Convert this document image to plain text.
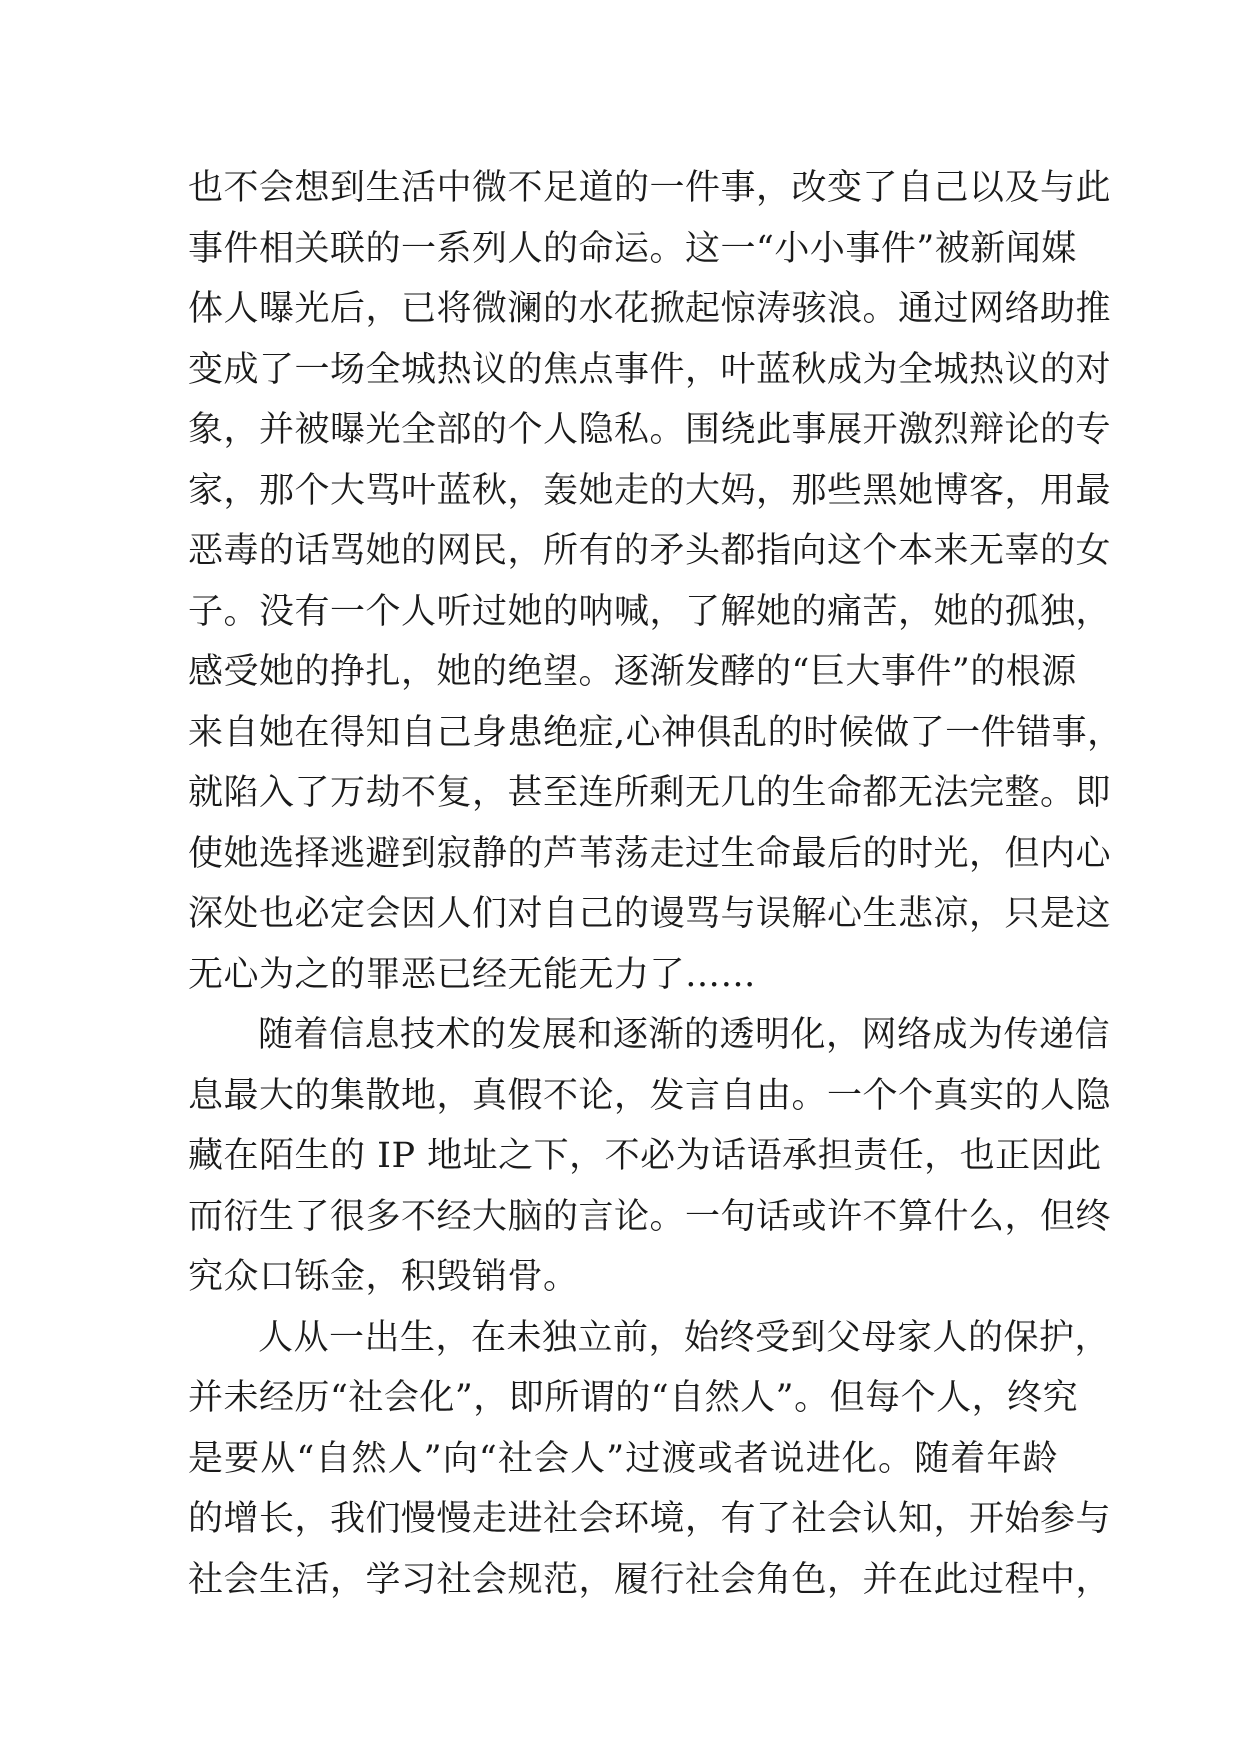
也不会想到生活中微不足道的一件事，改变了自己以及与此
事件相关联的一系列人的命运。这一“小小事件”被新闻媒
体人曝光后，已将微澜的水花掀起惊涛骇浪。通过网络助推
变成了一场全城热议的焦点事件，叶蓝秋成为全城热议的对
象，并被曝光全部的个人隐私。围绕此事展开激烈辩论的专
家，那个大骂叶蓝秋，轰她走的大妈，那些黑她博客，用最
恶毒的话骂她的网民，所有的矛头都指向这个本来无辜的女
子。没有一个人听过她的呐喊，了解她的痛苦，她的孤独，
感受她的挣扎，她的绝望。逐渐发酵的“巨大事件”的根源
来自她在得知自己身患绝症,心神俱乱的时候做了一件错事，
就陷入了万劫不复，甚至连所剩无几的生命都无法完整。即
使她选择逃避到寂静的芦苇荡走过生命最后的时光，但内心
深处也必定会因人们对自己的谩骂与误解心生悲凉，只是这
无心为之的罪恶已经无能无力了……
随着信息技术的发展和逐渐的透明化，网络成为传递信
息最大的集散地，真假不论，发言自由。一个个真实的人隐
藏在陌生的 IP 地址之下，不必为话语承担责任，也正因此
而衍生了很多不经大脑的言论。一句话或许不算什么，但终
究众口铄金，积毁销骨。
人从一出生，在未独立前，始终受到父母家人的保护，
并未经历“社会化”，即所谓的“自然人”。但每个人，终究
是要从“自然人”向“社会人”过渡或者说进化。随着年龄
的增长，我们慢慢走进社会环境，有了社会认知，开始参与
社会生活，学习社会规范，履行社会角色，并在此过程中，
